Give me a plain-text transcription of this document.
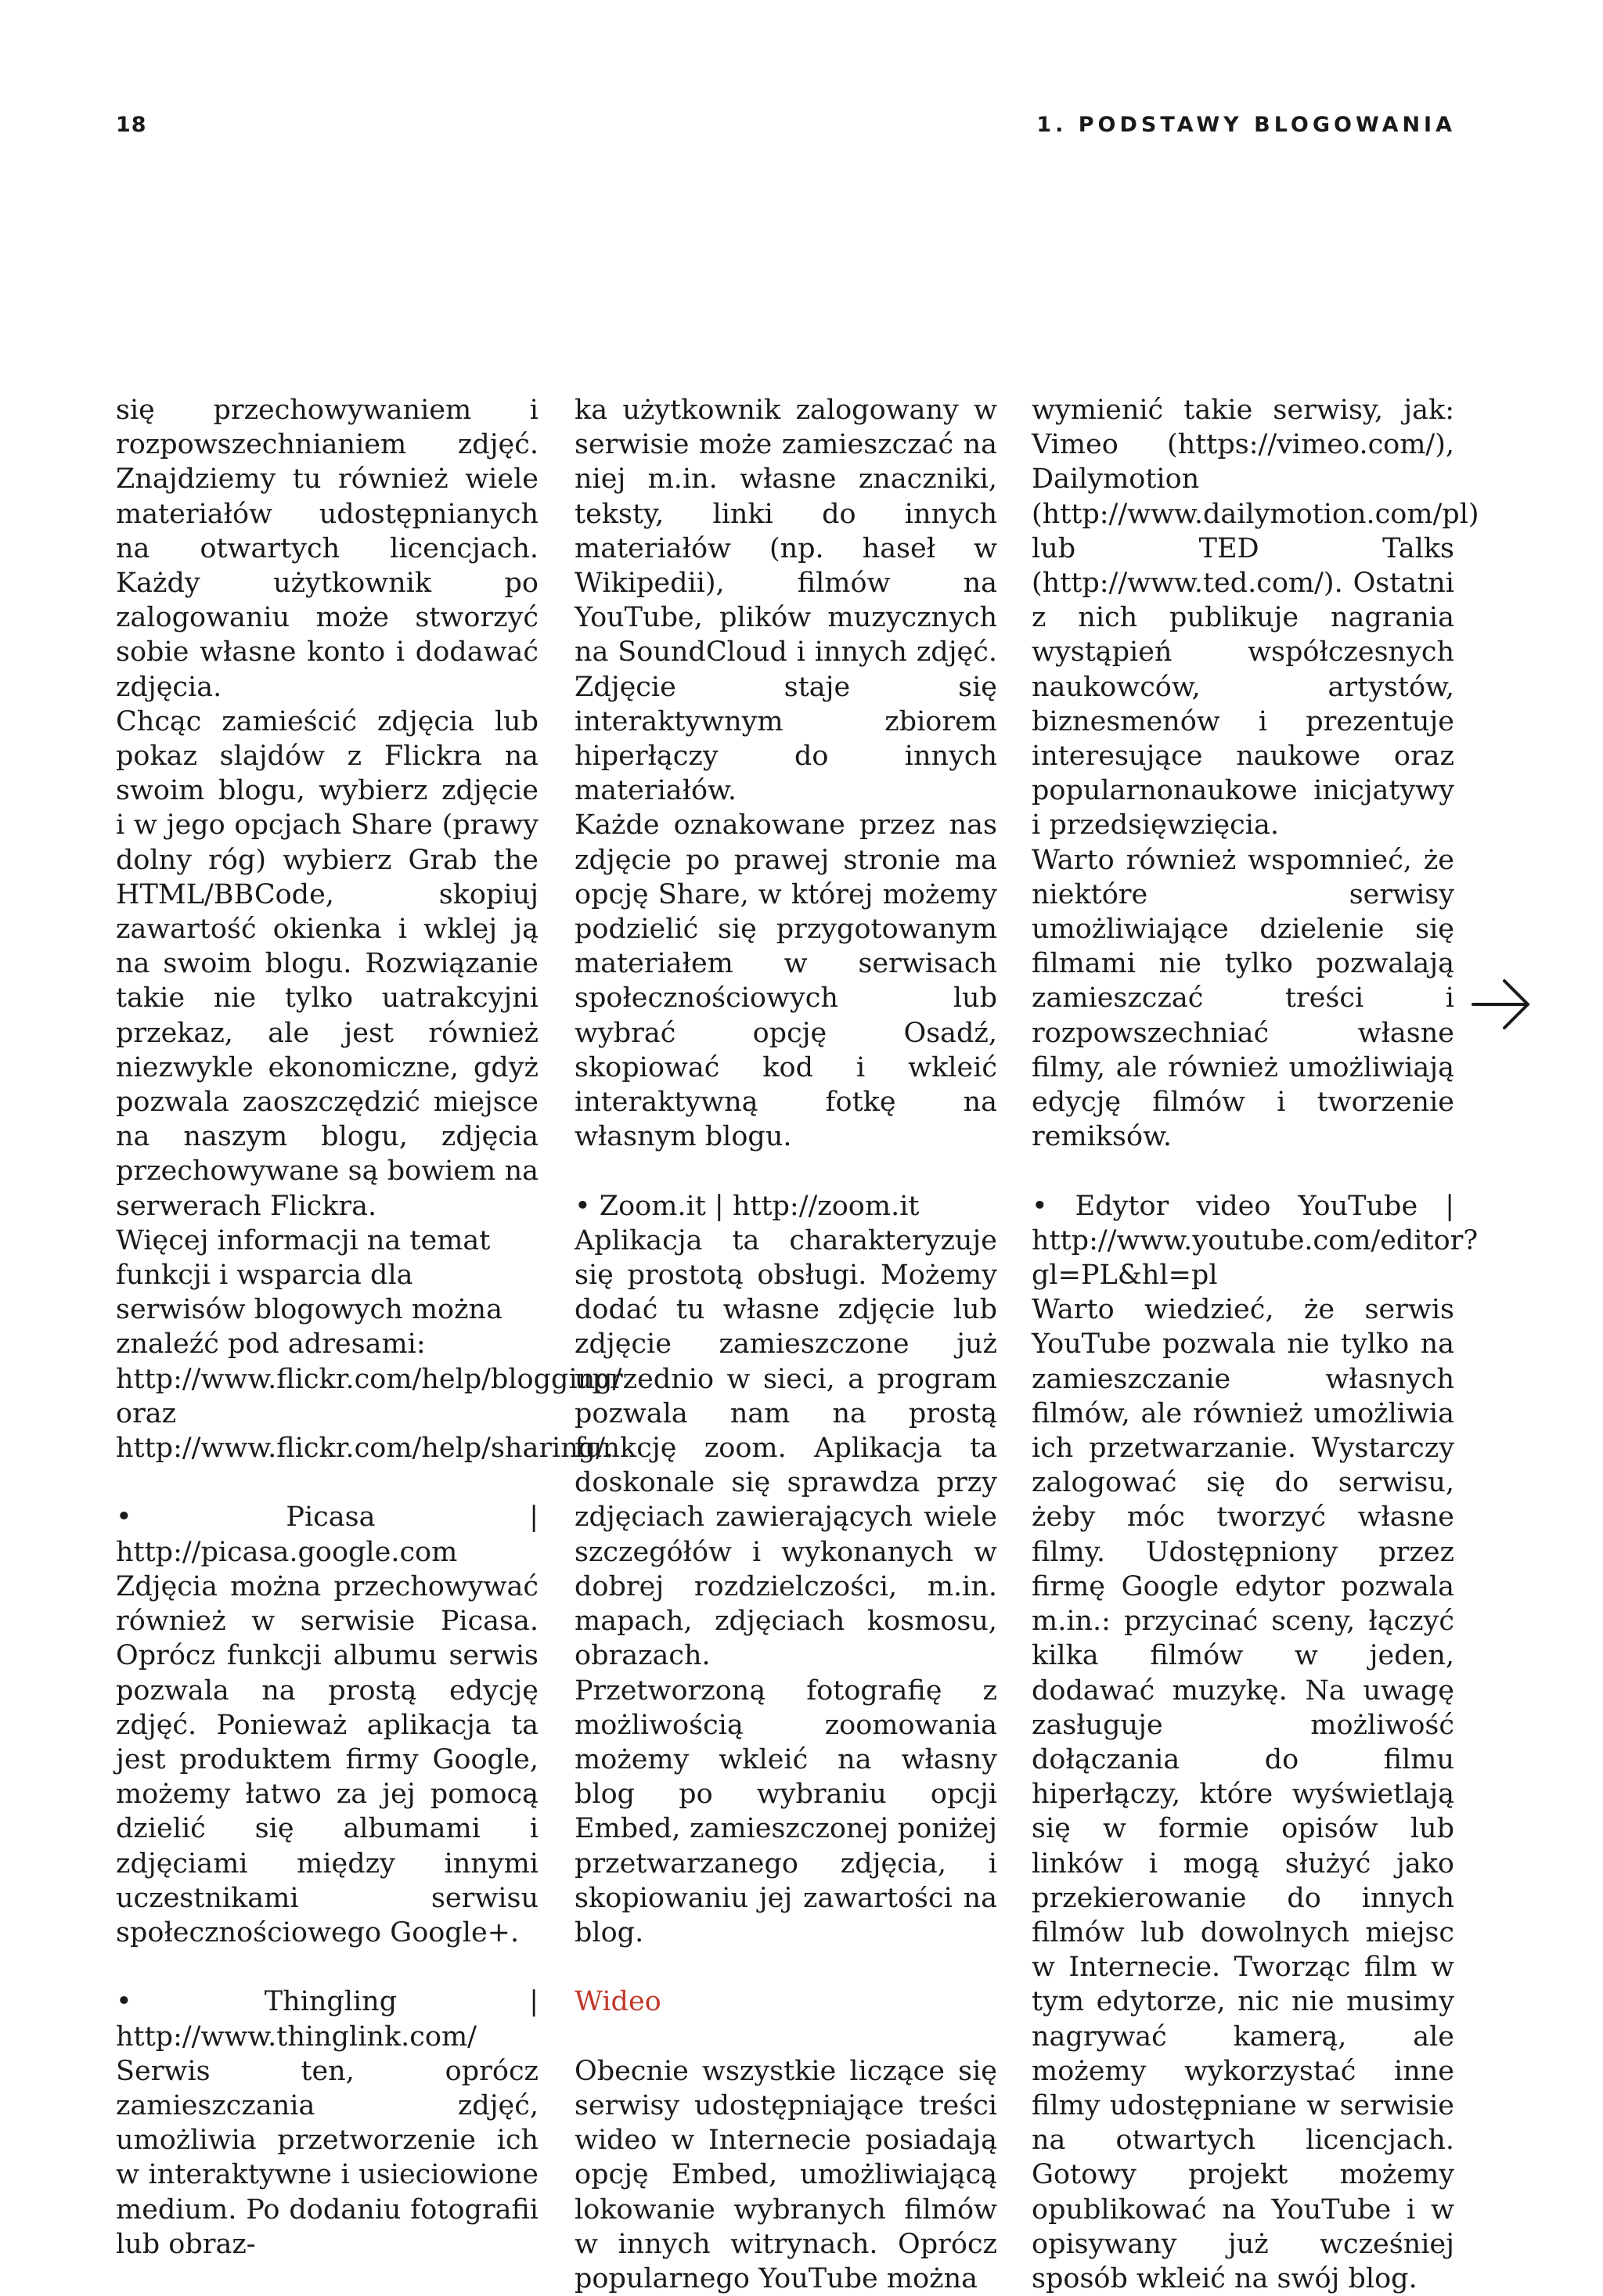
18	1. PODSTAWY BLOGOWANIA

się przechowywaniem i rozpowszechnianiem zdjęć. Znajdziemy tu również wiele materiałów udostępnianych na otwartych licencjach. Każdy użytkownik po zalogowaniu może stworzyć sobie własne konto i dodawać zdjęcia.

Chcąc zamieścić zdjęcia lub pokaz slajdów z Flickra na swoim blogu, wybierz zdjęcie i w jego opcjach Share (prawy dolny róg) wybierz Grab the HTML/BBCode, skopiuj zawartość okienka i wklej ją na swoim blogu. Rozwiązanie takie nie tylko uatrakcyjni przekaz, ale jest również niezwykle ekonomiczne, gdyż pozwala zaoszczędzić miejsce na naszym blogu, zdjęcia przechowywane są bowiem na serwerach Flickra.

Więcej informacji na temat funkcji i wsparcia dla serwisów blogowych można znaleźć pod adresami: http://www.flickr.com/help/blogging/ oraz http://www.flickr.com/help/sharing/.

• Picasa | http://picasa.google.com

Zdjęcia można przechowywać również w serwisie Picasa. Oprócz funkcji albumu serwis pozwala na prostą edycję zdjęć. Ponieważ aplikacja ta jest produktem firmy Google, możemy łatwo za jej pomocą dzielić się albumami i zdjęciami między innymi uczestnikami serwisu społecznościowego Google+.

• Thingling | http://www.thinglink.com/

Serwis ten, oprócz zamieszczania zdjęć, umożliwia przetworzenie ich w interaktywne i usieciowione medium. Po dodaniu fotografii lub obraz-

ka użytkownik zalogowany w serwisie może zamieszczać na niej m.in. własne znaczniki, teksty, linki do innych materiałów (np. haseł w Wikipedii), filmów na YouTube, plików muzycznych na SoundCloud i innych zdjęć. Zdjęcie staje się interaktywnym zbiorem hiperłączy do innych materiałów.

Każde oznakowane przez nas zdjęcie po prawej stronie ma opcję Share, w której możemy podzielić się przygotowanym materiałem w serwisach społecznościowych lub wybrać opcję Osadź, skopiować kod i wkleić interaktywną fotkę na własnym blogu.

• Zoom.it | http://zoom.it

Aplikacja ta charakteryzuje się prostotą obsługi. Możemy dodać tu własne zdjęcie lub zdjęcie zamieszczone już uprzednio w sieci, a program pozwala nam na prostą funkcję zoom. Aplikacja ta doskonale się sprawdza przy zdjęciach zawierających wiele szczegółów i wykonanych w dobrej rozdzielczości, m.in. mapach, zdjęciach kosmosu, obrazach.

Przetworzoną fotografię z możliwością zoomowania możemy wkleić na własny blog po wybraniu opcji Embed, zamieszczonej poniżej przetwarzanego zdjęcia, i skopiowaniu jej zawartości na blog.

Wideo

Obecnie wszystkie liczące się serwisy udostępniające treści wideo w Internecie posiadają opcję Embed, umożliwiającą lokowanie wybranych filmów w innych witrynach. Oprócz popularnego YouTube można

wymienić takie serwisy, jak: Vimeo (https://vimeo.com/), Dailymotion (http://www.dailymotion.com/pl) lub TED Talks (http://www.ted.com/). Ostatni z nich publikuje nagrania wystąpień współczesnych naukowców, artystów, biznesmenów i prezentuje interesujące naukowe oraz popularnonaukowe inicjatywy i przedsięwzięcia.

Warto również wspomnieć, że niektóre serwisy umożliwiające dzielenie się filmami nie tylko pozwalają zamieszczać treści i rozpowszechniać własne filmy, ale również umożliwiają edycję filmów i tworzenie remiksów.

• Edytor video YouTube | http://www.youtube.com/editor?gl=PL&hl=pl

Warto wiedzieć, że serwis YouTube pozwala nie tylko na zamieszczanie własnych filmów, ale również umożliwia ich przetwarzanie. Wystarczy zalogować się do serwisu, żeby móc tworzyć własne filmy. Udostępniony przez firmę Google edytor pozwala m.in.: przycinać sceny, łączyć kilka filmów w jeden, dodawać muzykę. Na uwagę zasługuje możliwość dołączania do filmu hiperłączy, które wyświetlają się w formie opisów lub linków i mogą służyć jako przekierowanie do innych filmów lub dowolnych miejsc w Internecie. Tworząc film w tym edytorze, nic nie musimy nagrywać kamerą, ale możemy wykorzystać inne filmy udostępniane w serwisie na otwartych licencjach. Gotowy projekt możemy opublikować na YouTube i w opisywany już wcześniej sposób wkleić na swój blog.
